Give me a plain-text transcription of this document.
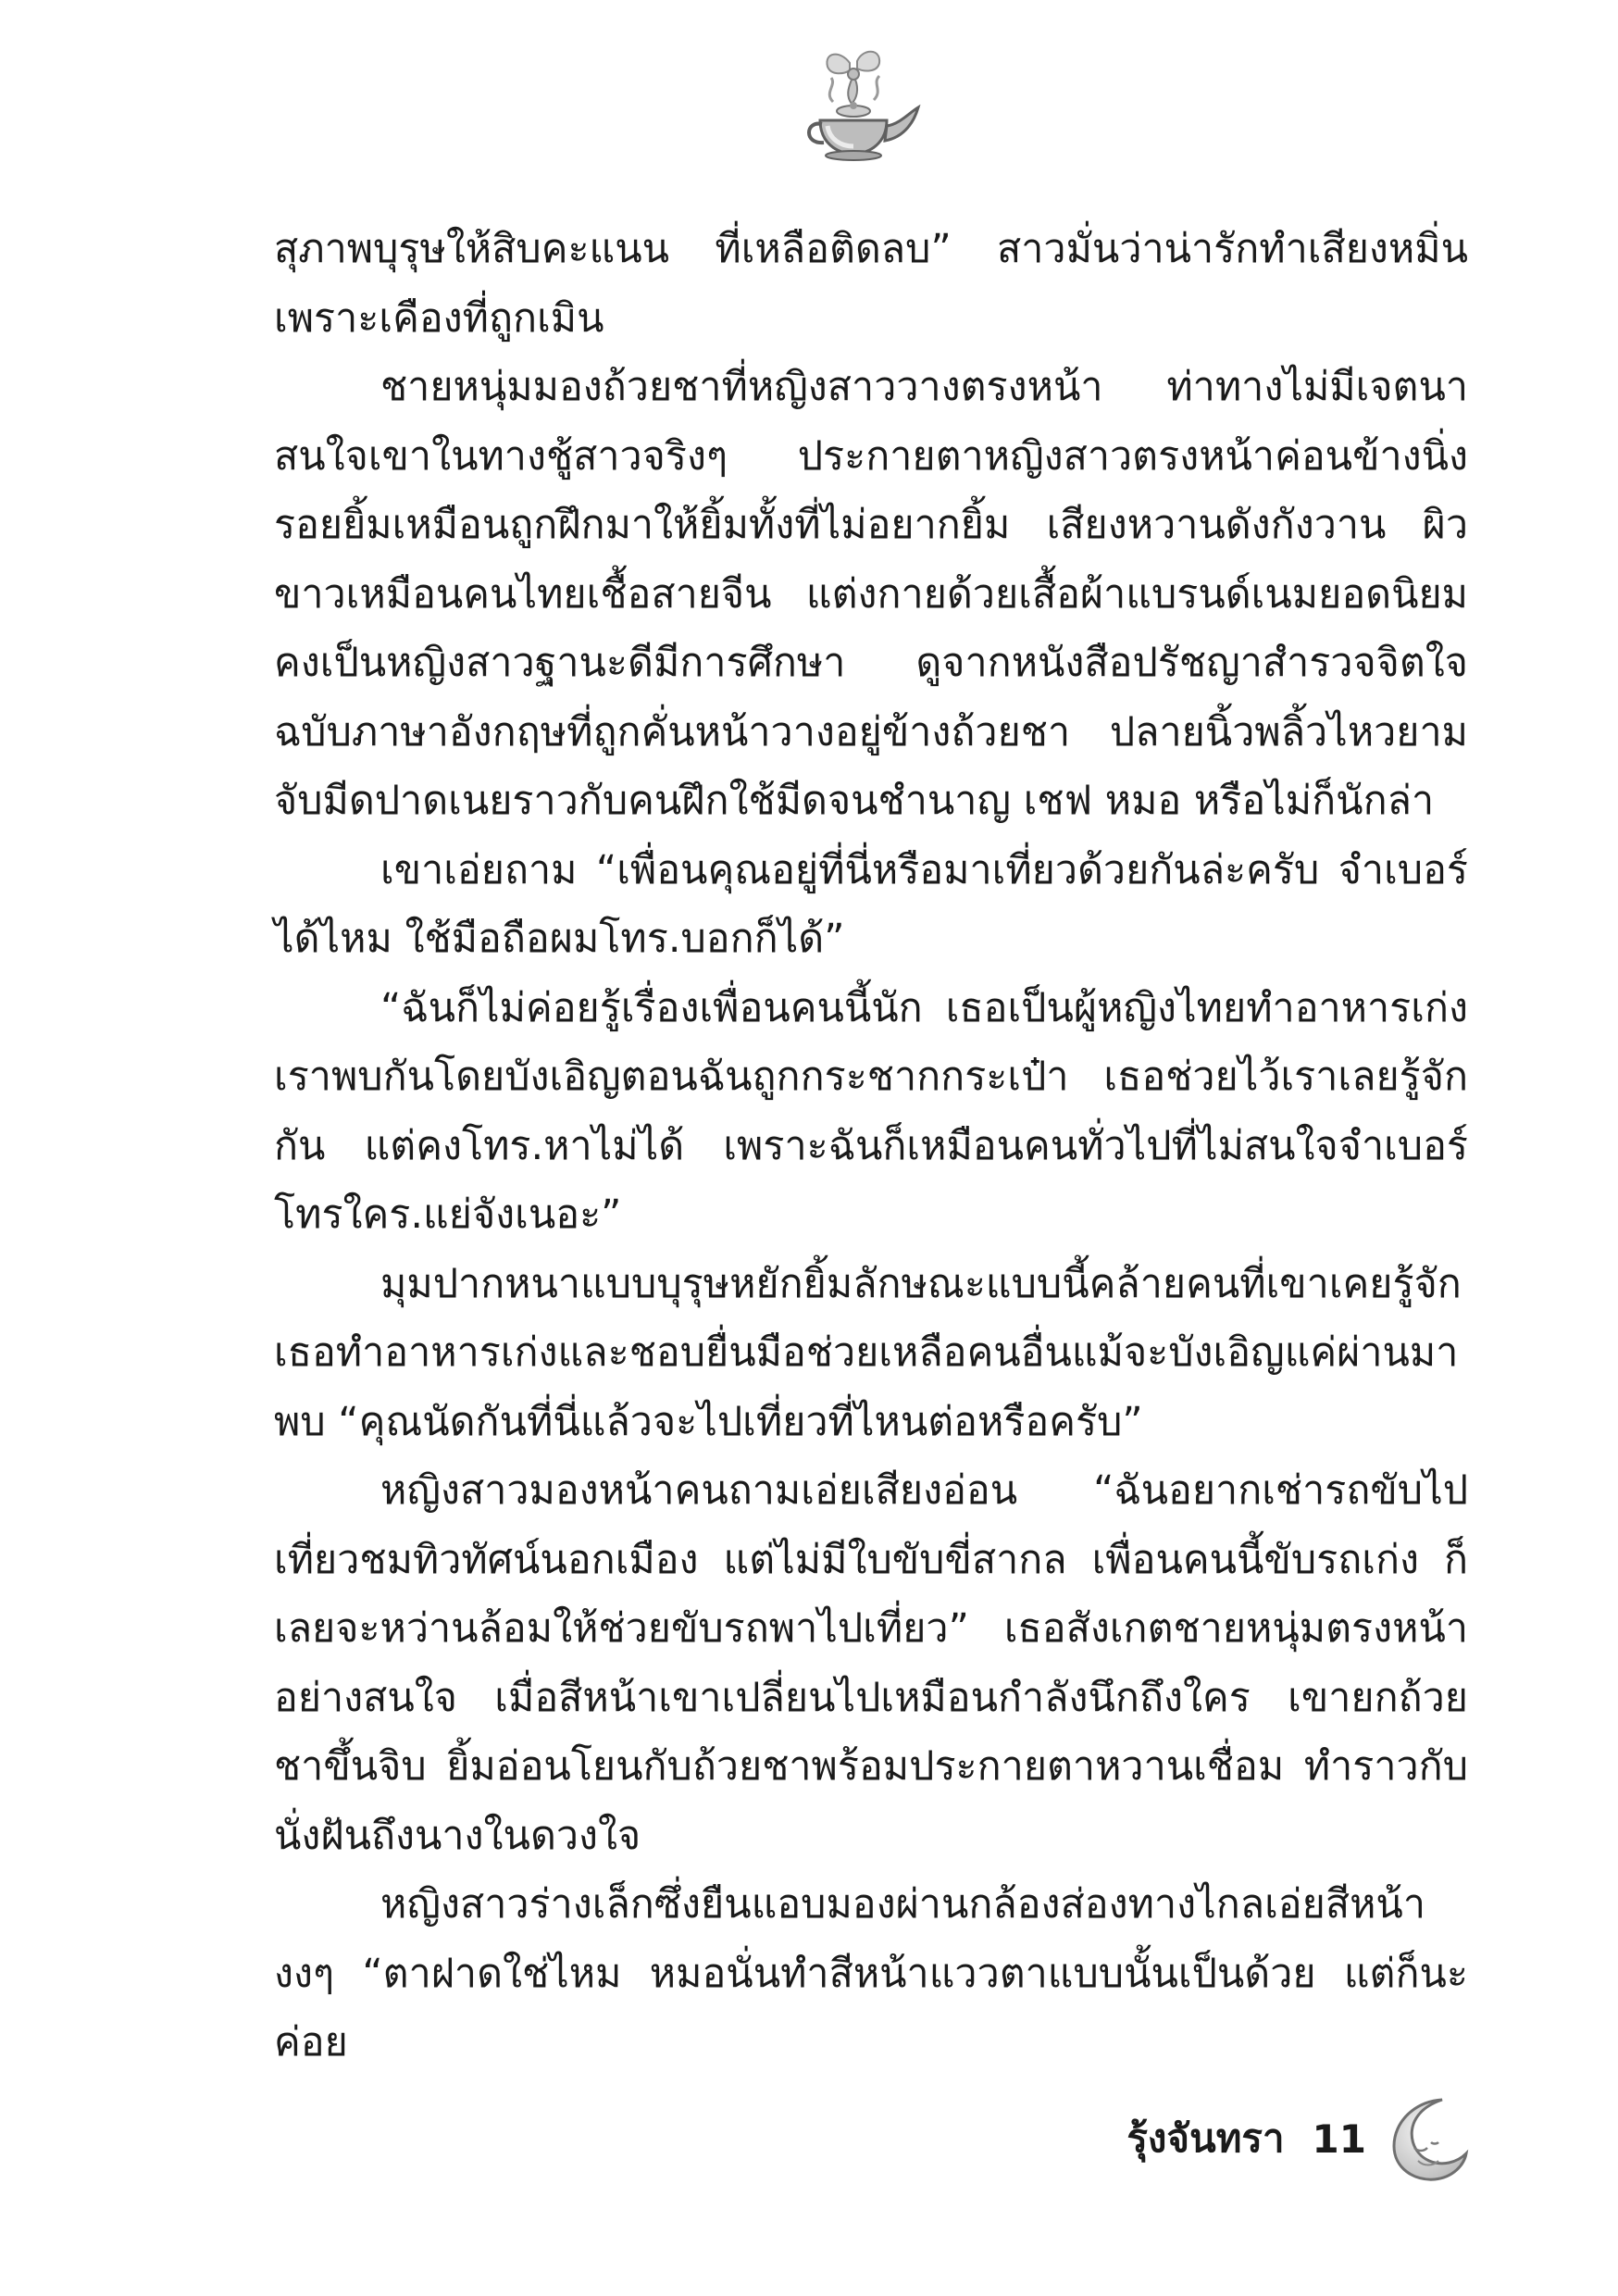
สุภาพบุรุษให้สิบคะแนน ที่เหลือติดลบ” สาวมั่นว่าน่ารักทำเสียงหมิ่นเพราะเคืองที่ถูกเมิน

ชายหนุ่มมองถ้วยชาที่หญิงสาววางตรงหน้า ท่าทางไม่มีเจตนาสนใจเขาในทางชู้สาวจริงๆ ประกายตาหญิงสาวตรงหน้าค่อนข้างนิ่ง รอยยิ้มเหมือนถูกฝึกมาให้ยิ้มทั้งที่ไม่อยากยิ้ม เสียงหวานดังกังวาน ผิวขาวเหมือนคนไทยเชื้อสายจีน แต่งกายด้วยเสื้อผ้าแบรนด์เนมยอดนิยม คงเป็นหญิงสาวฐานะดีมีการศึกษา ดูจากหนังสือปรัชญาสำรวจจิตใจฉบับภาษาอังกฤษที่ถูกคั่นหน้าวางอยู่ข้างถ้วยชา ปลายนิ้วพลิ้วไหวยามจับมีดปาดเนยราวกับคนฝึกใช้มีดจนชำนาญ เชฟ หมอ หรือไม่ก็นักล่า

เขาเอ่ยถาม “เพื่อนคุณอยู่ที่นี่หรือมาเที่ยวด้วยกันล่ะครับ จำเบอร์ได้ไหม ใช้มือถือผมโทร.บอกก็ได้”

“ฉันก็ไม่ค่อยรู้เรื่องเพื่อนคนนี้นัก เธอเป็นผู้หญิงไทยทำอาหารเก่ง เราพบกันโดยบังเอิญตอนฉันถูกกระชากกระเป๋า เธอช่วยไว้เราเลยรู้จักกัน แต่คงโทร.หาไม่ได้ เพราะฉันก็เหมือนคนทั่วไปที่ไม่สนใจจำเบอร์โทรใคร.แย่จังเนอะ”

มุมปากหนาแบบบุรุษหยักยิ้มลักษณะแบบนี้คล้ายคนที่เขาเคยรู้จัก เธอทำอาหารเก่งและชอบยื่นมือช่วยเหลือคนอื่นแม้จะบังเอิญแค่ผ่านมาพบ “คุณนัดกันที่นี่แล้วจะไปเที่ยวที่ไหนต่อหรือครับ”

หญิงสาวมองหน้าคนถามเอ่ยเสียงอ่อน “ฉันอยากเช่ารถขับไปเที่ยวชมทิวทัศน์นอกเมือง แต่ไม่มีใบขับขี่สากล เพื่อนคนนี้ขับรถเก่ง ก็เลยจะหว่านล้อมให้ช่วยขับรถพาไปเที่ยว” เธอสังเกตชายหนุ่มตรงหน้าอย่างสนใจ เมื่อสีหน้าเขาเปลี่ยนไปเหมือนกำลังนึกถึงใคร เขายกถ้วยชาขึ้นจิบ ยิ้มอ่อนโยนกับถ้วยชาพร้อมประกายตาหวานเชื่อม ทำราวกับนั่งฝันถึงนางในดวงใจ

หญิงสาวร่างเล็กซึ่งยืนแอบมองผ่านกล้องส่องทางไกลเอ่ยสีหน้างงๆ “ตาฝาดใช่ไหม หมอนั่นทำสีหน้าแววตาแบบนั้นเป็นด้วย แต่ก็นะ ค่อย

รุ้งจันทรา 11
